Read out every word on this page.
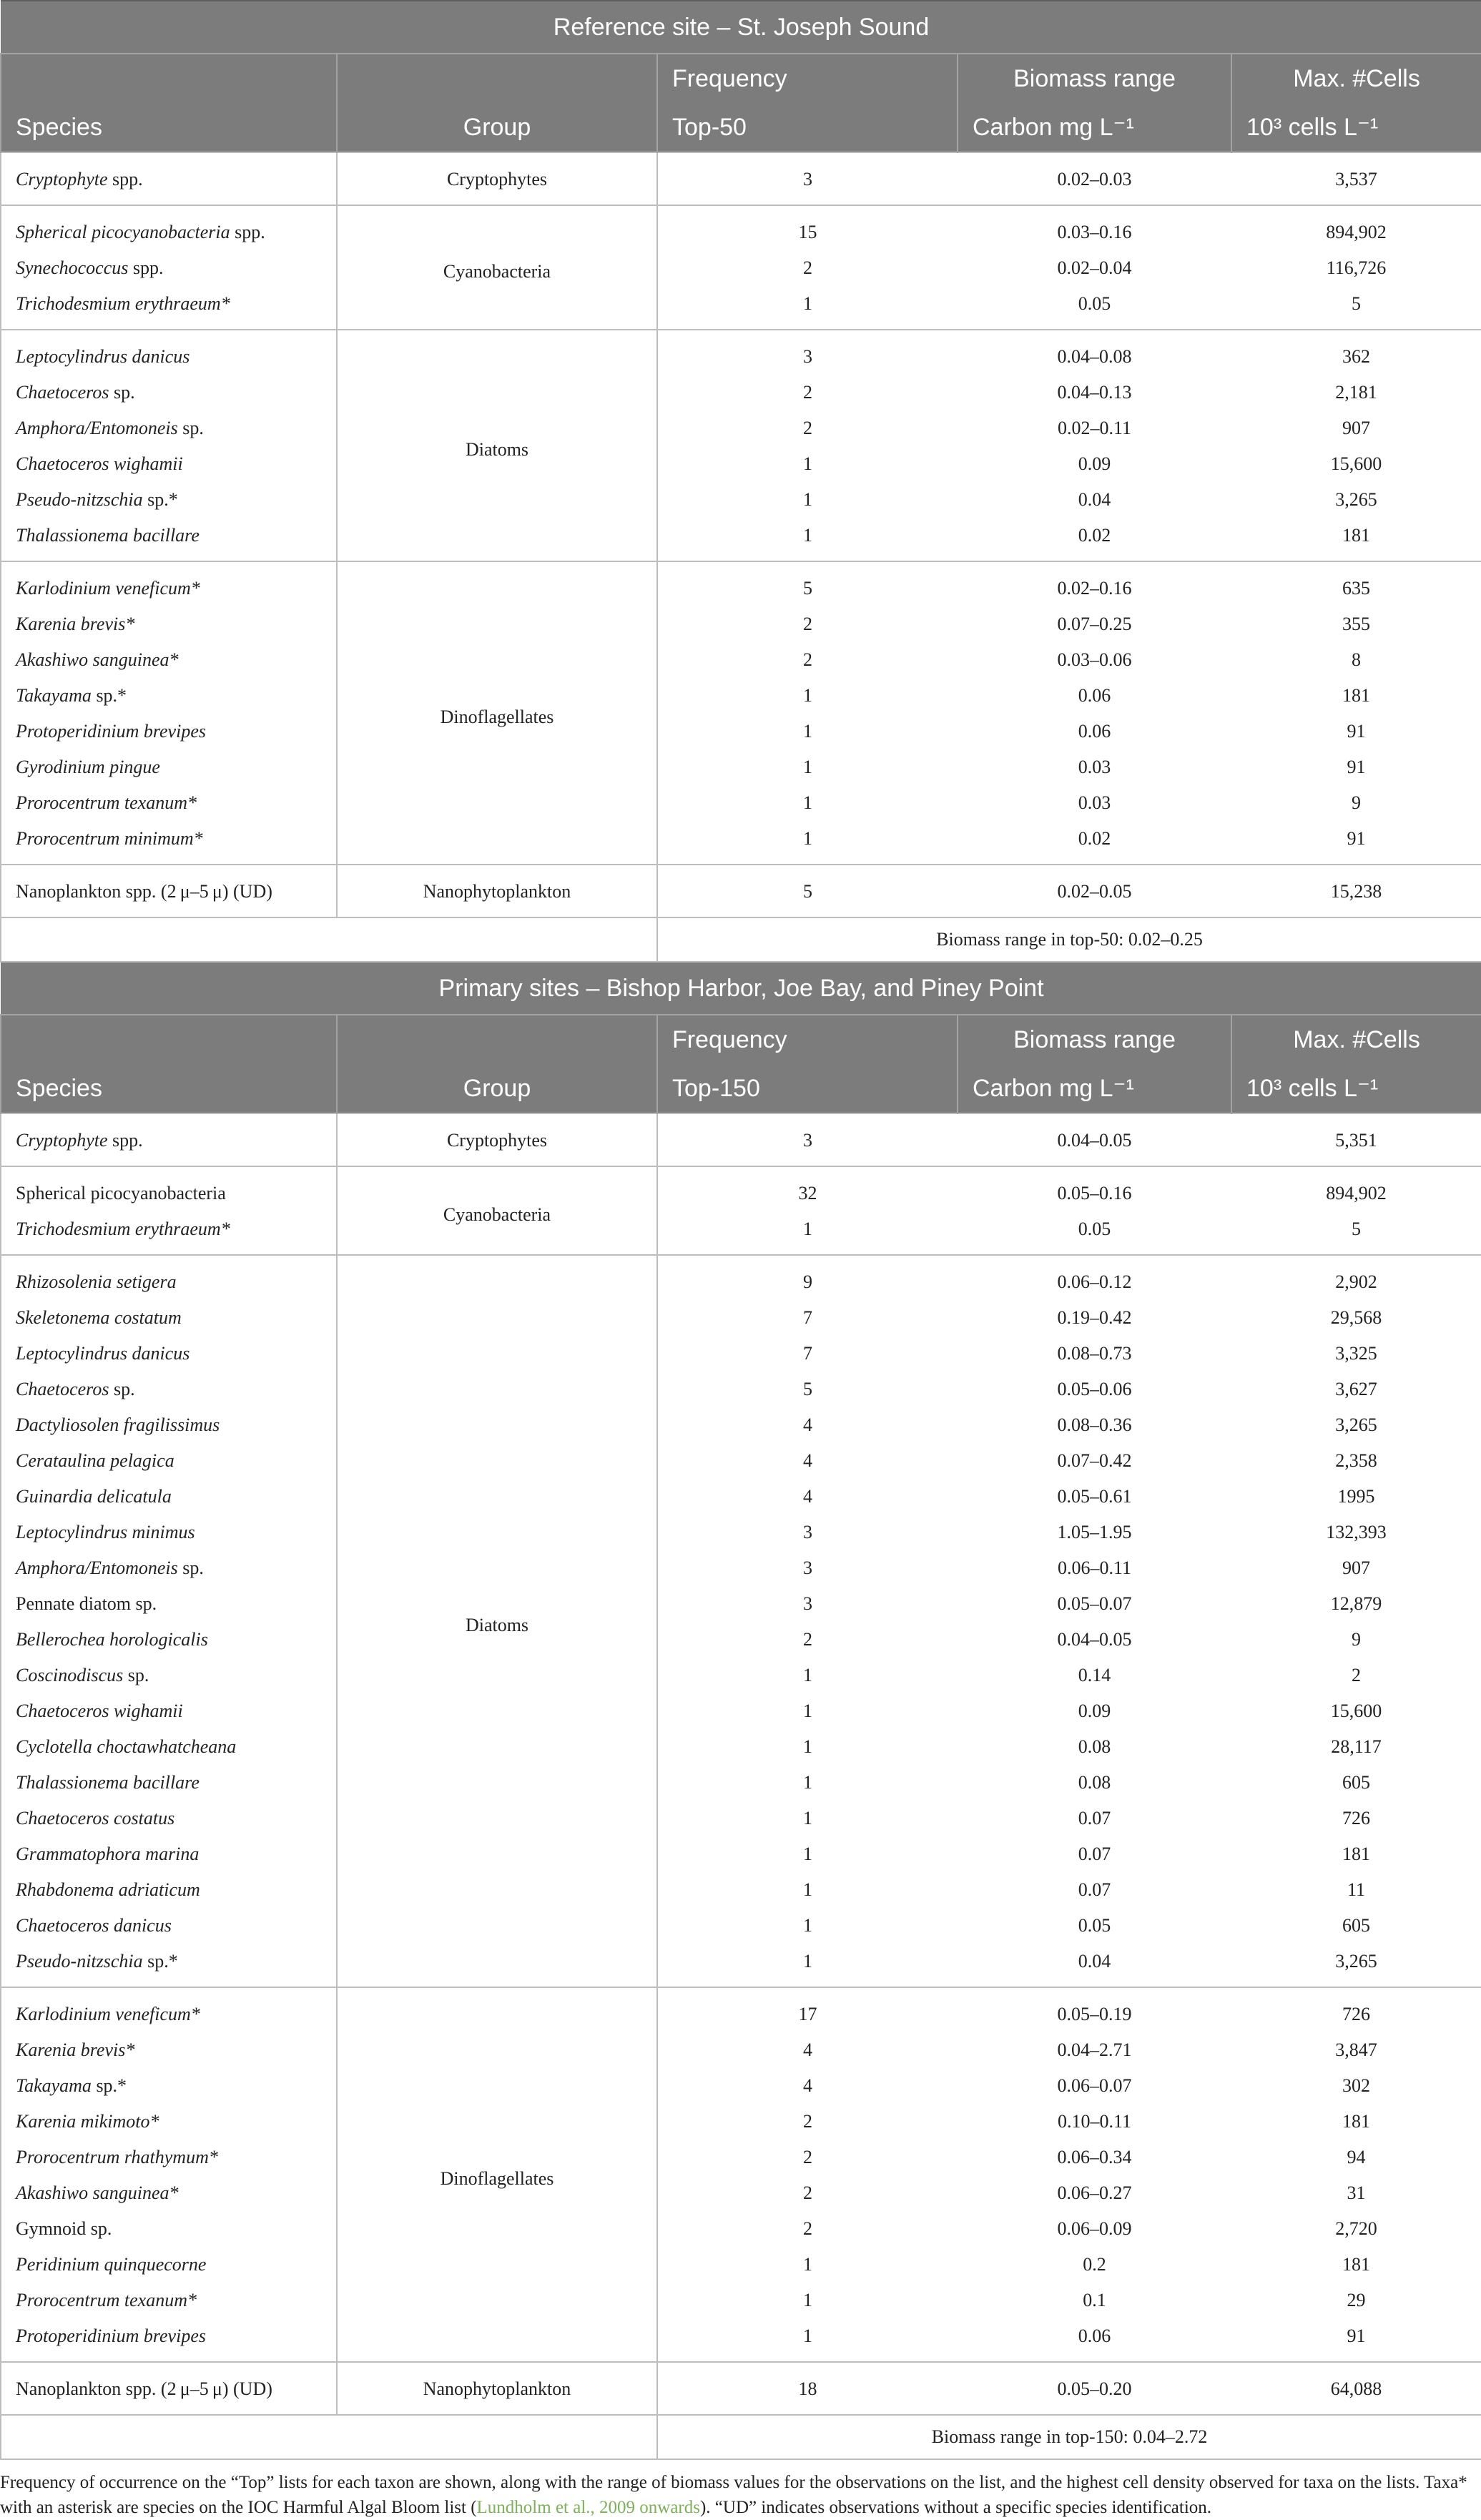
Reference site – St. Joseph Sound				
		Frequency	Biomass range	Max. #Cells
Species	Group	Top-50	Carbon mg L⁻¹	10³ cells L⁻¹
Cryptophyte spp.	Cryptophytes	3	0.02–0.03	3,537
Spherical picocyanobacteria spp.	Cyanobacteria	15	0.03–0.16	894,902
Synechococcus spp.		2	0.02–0.04	116,726
Trichodesmium erythraeum*		1	0.05	5
Leptocylindrus danicus	Diatoms	3	0.04–0.08	362
Chaetoceros sp.		2	0.04–0.13	2,181
Amphora/Entomoneis sp.		2	0.02–0.11	907
Chaetoceros wighamii		1	0.09	15,600
Pseudo-nitzschia sp.*		1	0.04	3,265
Thalassionema bacillare		1	0.02	181
Karlodinium veneficum*	Dinoflagellates	5	0.02–0.16	635
Karenia brevis*		2	0.07–0.25	355
Akashiwo sanguinea*		2	0.03–0.06	8
Takayama sp.*		1	0.06	181
Protoperidinium brevipes		1	0.06	91
Gyrodinium pingue		1	0.03	91
Prorocentrum texanum*		1	0.03	9
Prorocentrum minimum*		1	0.02	91
Nanoplankton spp. (2 μ–5 μ) (UD)	Nanophytoplankton	5	0.02–0.05	15,238
		Biomass range in top-50: 0.02–0.25		
Primary sites – Bishop Harbor, Joe Bay, and Piney Point				
		Frequency	Biomass range	Max. #Cells
Species	Group	Top-150	Carbon mg L⁻¹	10³ cells L⁻¹
Cryptophyte spp.	Cryptophytes	3	0.04–0.05	5,351
Spherical picocyanobacteria	Cyanobacteria	32	0.05–0.16	894,902
Trichodesmium erythraeum*		1	0.05	5
Rhizosolenia setigera	Diatoms	9	0.06–0.12	2,902
Skeletonema costatum		7	0.19–0.42	29,568
Leptocylindrus danicus		7	0.08–0.73	3,325
Chaetoceros sp.		5	0.05–0.06	3,627
Dactyliosolen fragilissimus		4	0.08–0.36	3,265
Cerataulina pelagica		4	0.07–0.42	2,358
Guinardia delicatula		4	0.05–0.61	1995
Leptocylindrus minimus		3	1.05–1.95	132,393
Amphora/Entomoneis sp.		3	0.06–0.11	907
Pennate diatom sp.		3	0.05–0.07	12,879
Bellerochea horologicalis		2	0.04–0.05	9
Coscinodiscus sp.		1	0.14	2
Chaetoceros wighamii		1	0.09	15,600
Cyclotella choctawhatcheana		1	0.08	28,117
Thalassionema bacillare		1	0.08	605
Chaetoceros costatus		1	0.07	726
Grammatophora marina		1	0.07	181
Rhabdonema adriaticum		1	0.07	11
Chaetoceros danicus		1	0.05	605
Pseudo-nitzschia sp.*		1	0.04	3,265
Karlodinium veneficum*	Dinoflagellates	17	0.05–0.19	726
Karenia brevis*		4	0.04–2.71	3,847
Takayama sp.*		4	0.06–0.07	302
Karenia mikimoto*		2	0.10–0.11	181
Prorocentrum rhathymum*		2	0.06–0.34	94
Akashiwo sanguinea*		2	0.06–0.27	31
Gymnoid sp.		2	0.06–0.09	2,720
Peridinium quinquecorne		1	0.2	181
Prorocentrum texanum*		1	0.1	29
Protoperidinium brevipes		1	0.06	91
Nanoplankton spp. (2 μ–5 μ) (UD)	Nanophytoplankton	18	0.05–0.20	64,088
		Biomass range in top-150: 0.04–2.72		
Frequency of occurrence on the “Top” lists for each taxon are shown, along with the range of biomass values for the observations on the list, and the highest cell density observed for taxa on the lists. Taxa* with an asterisk are species on the IOC Harmful Algal Bloom list (Lundholm et al., 2009 onwards). “UD” indicates observations without a specific species identification.
